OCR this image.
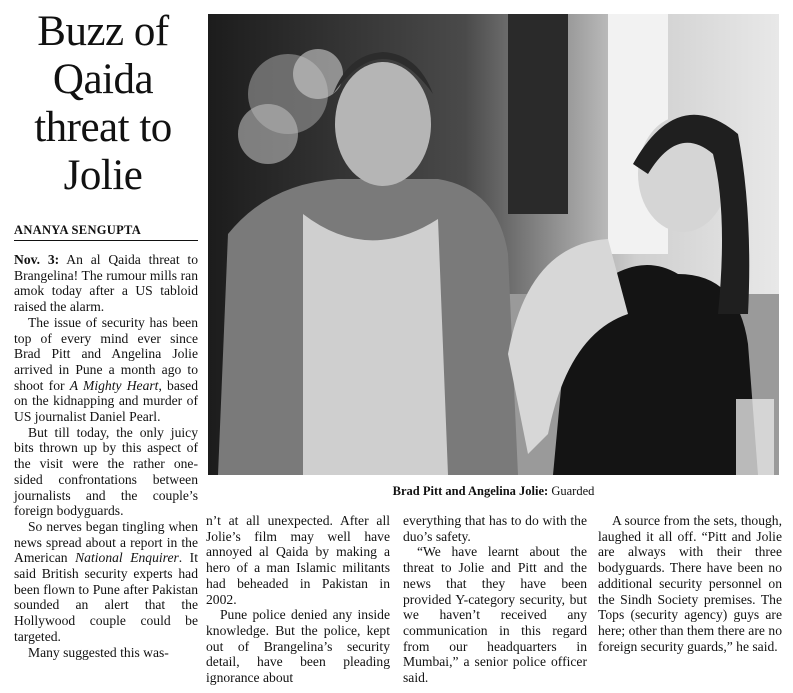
Buzz of Qaida threat to Jolie
ANANYA SENGUPTA

Nov. 3: An al Qaida threat to Brangelina! The rumour mills ran amok today after a US tabloid raised the alarm.

The issue of security has been top of every mind ever since Brad Pitt and Angelina Jolie arrived in Pune a month ago to shoot for A Mighty Heart, based on the kidnapping and murder of US journalist Daniel Pearl.

But till today, the only juicy bits thrown up by this aspect of the visit were the rather one-sided confrontations between journalists and the couple’s foreign bodyguards.

So nerves began tingling when news spread about a report in the American National Enquirer. It said British security experts had been flown to Pune after Pakistan sounded an alert that the Hollywood couple could be targeted.

Many suggested this was-

Brad Pitt and Angelina Jolie: Guarded

n’t at all unexpected. After all Jolie’s film may well have annoyed al Qaida by making a hero of a man Islamic militants had beheaded in Pakistan in 2002.

Pune police denied any inside knowledge. But the police, kept out of Brangelina’s security detail, have been pleading ignorance about

everything that has to do with the duo’s safety.

“We have learnt about the threat to Jolie and Pitt and the news that they have been provided Y-category security, but we haven’t received any communication in this regard from our headquarters in Mumbai,” a senior police officer said.

A source from the sets, though, laughed it all off. “Pitt and Jolie are always with their three bodyguards. There have been no additional security personnel on the Sindh Society premises. The Tops (security agency) guys are here; other than them there are no foreign security guards,” he said.
